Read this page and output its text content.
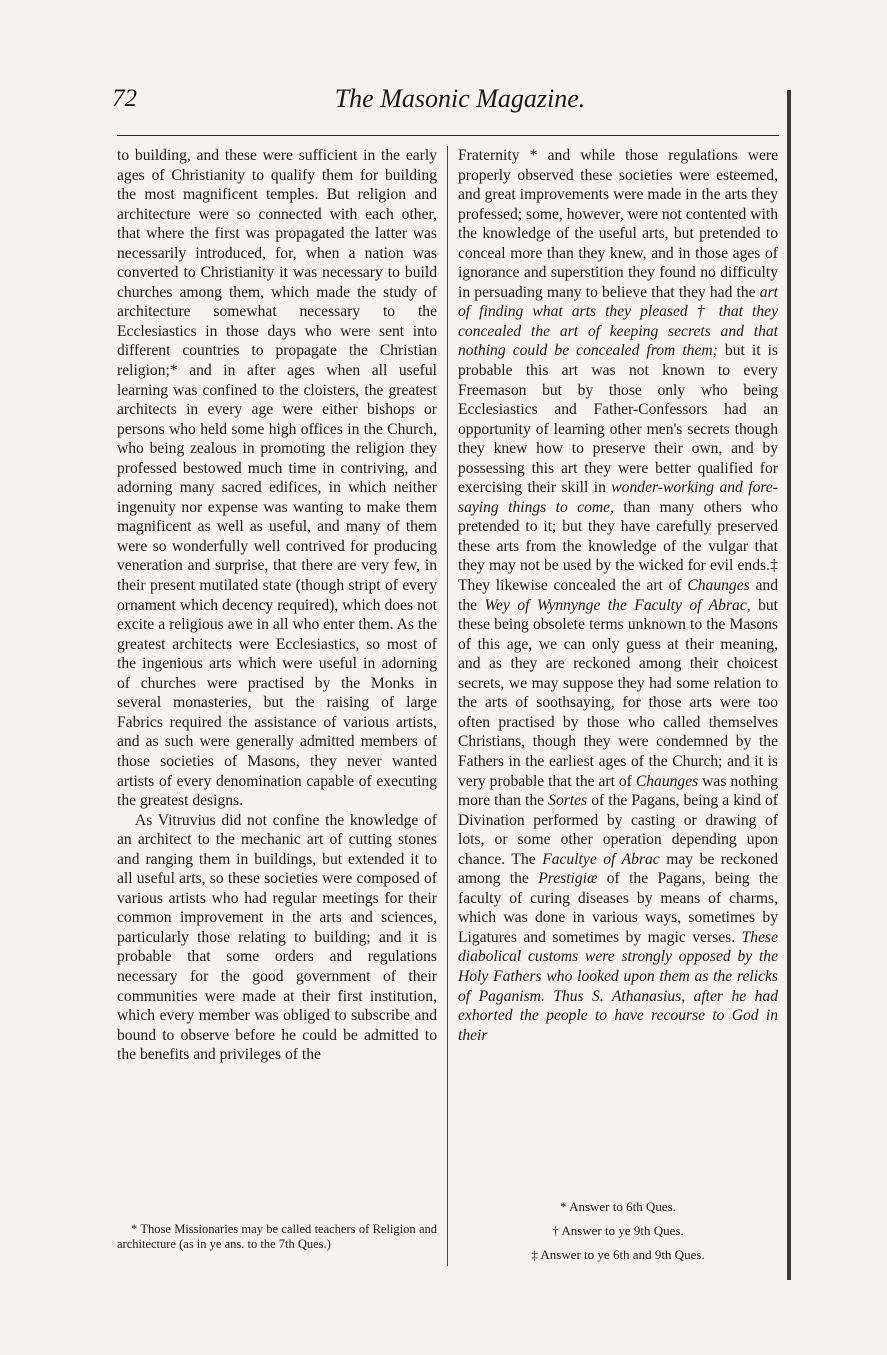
72	The Masonic Magazine.

to building, and these were sufficient in the early ages of Christianity to qualify them for building the most magnificent temples. But religion and architecture were so connected with each other, that where the first was propagated the latter was necessarily introduced, for, when a nation was converted to Christianity it was necessary to build churches among them, which made the study of architecture somewhat necessary to the Ecclesiastics in those days who were sent into different countries to propagate the Christian religion;* and in after ages when all useful learning was confined to the cloisters, the greatest architects in every age were either bishops or persons who held some high offices in the Church, who being zealous in promoting the religion they professed bestowed much time in contriving, and adorning many sacred edifices, in which neither ingenuity nor expense was wanting to make them magnificent as well as useful, and many of them were so wonderfully well contrived for producing veneration and surprise, that there are very few, in their present mutilated state (though stript of every ornament which decency required), which does not excite a religious awe in all who enter them. As the greatest architects were Ecclesiastics, so most of the ingenious arts which were useful in adorning of churches were practised by the Monks in several monasteries, but the raising of large Fabrics required the assistance of various artists, and as such were generally admitted members of those societies of Masons, they never wanted artists of every denomination capable of executing the greatest designs.

As Vitruvius did not confine the knowledge of an architect to the mechanic art of cutting stones and ranging them in buildings, but extended it to all useful arts, so these societies were composed of various artists who had regular meetings for their common improvement in the arts and sciences, particularly those relating to building; and it is probable that some orders and regulations necessary for the good government of their communities were made at their first institution, which every member was obliged to subscribe and bound to observe before he could be admitted to the benefits and privileges of the

* Those Missionaries may be called teachers of Religion and architecture (as in ye ans. to the 7th Ques.)

Fraternity * and while those regulations were properly observed these societies were esteemed, and great improvements were made in the arts they professed; some, however, were not contented with the knowledge of the useful arts, but pretended to conceal more than they knew, and in those ages of ignorance and superstition they found no difficulty in persuading many to believe that they had the art of finding what arts they pleased † that they concealed the art of keeping secrets and that nothing could be concealed from them; but it is probable this art was not known to every Freemason but by those only who being Ecclesiastics and Father-Confessors had an opportunity of learning other men's secrets though they knew how to preserve their own, and by possessing this art they were better qualified for exercising their skill in wonder-working and fore-saying things to come, than many others who pretended to it; but they have carefully preserved these arts from the knowledge of the vulgar that they may not be used by the wicked for evil ends.‡ They likewise concealed the art of Chaunges and the Wey of Wynnynge the Faculty of Abrac, but these being obsolete terms unknown to the Masons of this age, we can only guess at their meaning, and as they are reckoned among their choicest secrets, we may suppose they had some relation to the arts of soothsaying, for those arts were too often practised by those who called themselves Christians, though they were condemned by the Fathers in the earliest ages of the Church; and it is very probable that the art of Chaunges was nothing more than the Sortes of the Pagans, being a kind of Divination performed by casting or drawing of lots, or some other operation depending upon chance. The Facultye of Abrac may be reckoned among the Prestigiæ of the Pagans, being the faculty of curing diseases by means of charms, which was done in various ways, sometimes by Ligatures and sometimes by magic verses. These diabolical customs were strongly opposed by the Holy Fathers who looked upon them as the relicks of Paganism. Thus S. Athanasius, after he had exhorted the people to have recourse to God in their

* Answer to 6th Ques.
† Answer to ye 9th Ques.
‡ Answer to ye 6th and 9th Ques.
